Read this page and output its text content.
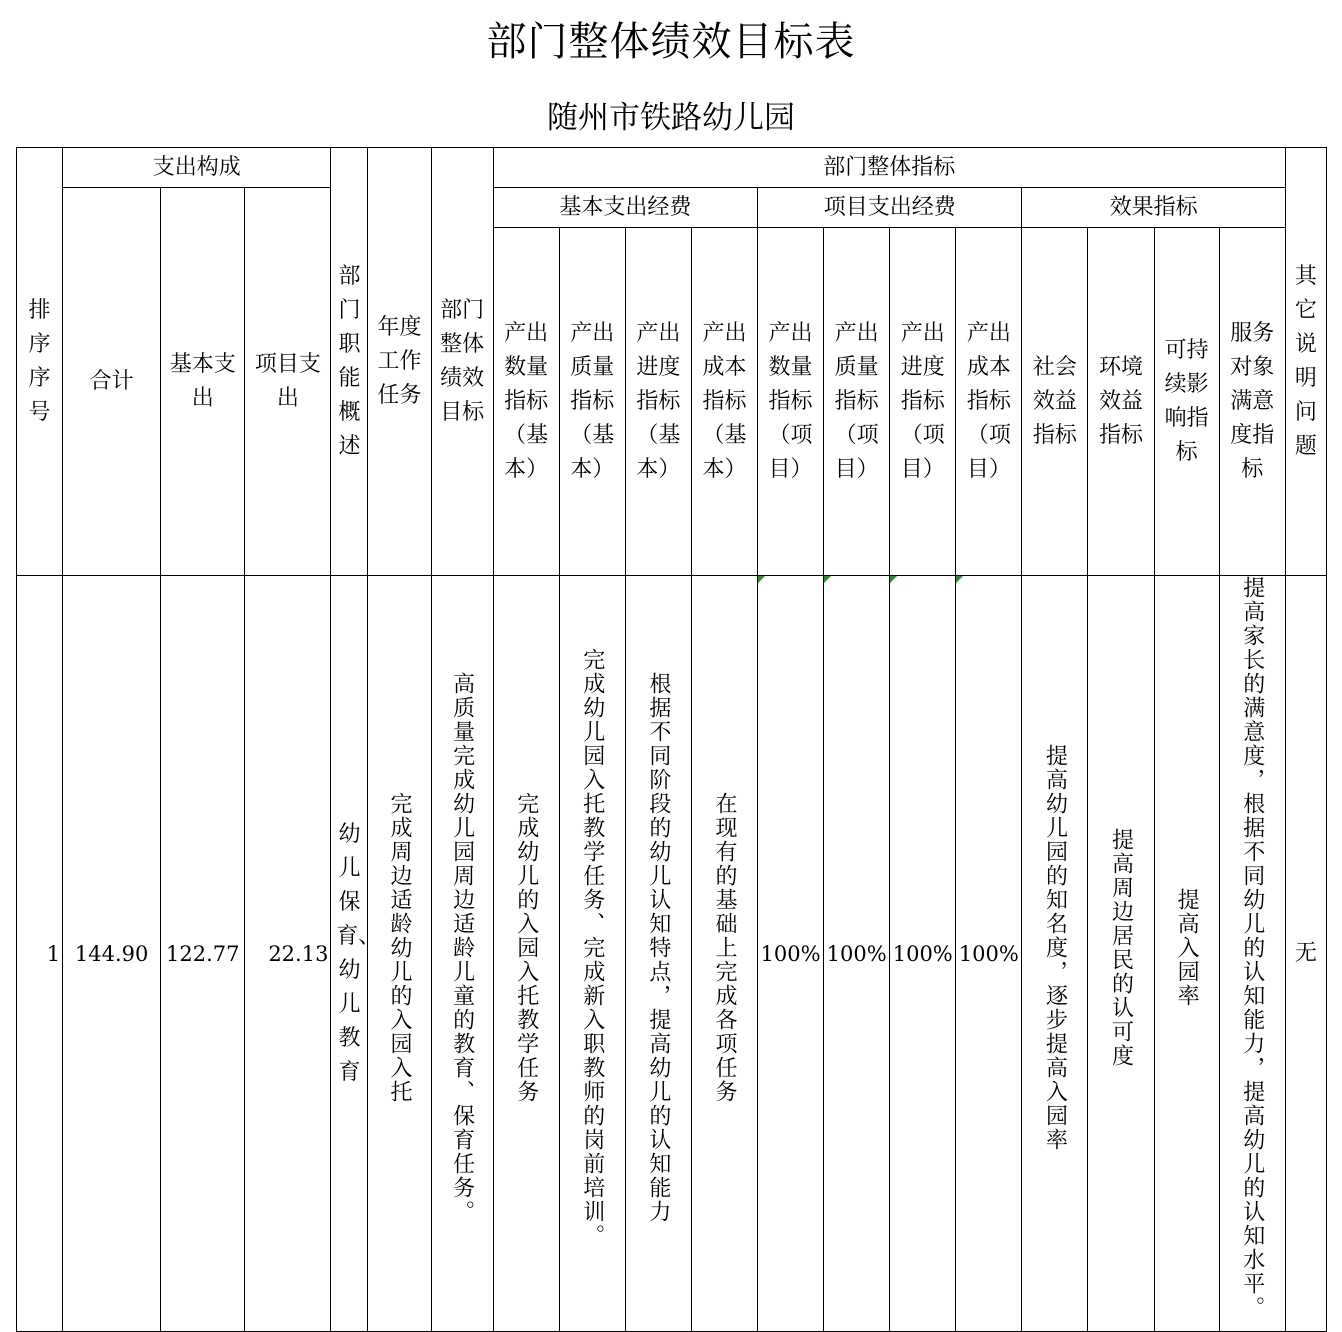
部门整体绩效目标表
随州市铁路幼儿园
排序序号	支出构成			部门职能概述	年度工作任务	部门整体绩效目标	部门整体指标												其它说明问题
	合计	基本支出	项目支出				基本支出经费				项目支出经费				效果指标				
							产出数量指标（基本）	产出质量指标（基本）	产出进度指标（基本）	产出成本指标（基本）	产出数量指标（项目）	产出质量指标（项目）	产出进度指标（项目）	产出成本指标（项目）	社会效益指标	环境效益指标	可持续影响指标	服务对象满意度指标	
1	144.90	122.77	22.13	幼儿保育、幼儿教育	完成周边适龄幼儿的入园入托	高质量完成幼儿园周边适龄儿童的教育、保育任务。	完成幼儿的入园入托教学任务	完成幼儿园入托教学任务、完成新入职教师的岗前培训。	根据不同阶段的幼儿认知特点，提高幼儿的认知能力	在现有的基础上完成各项任务	100%	100%	100%	100%	提高幼儿园的知名度，逐步提高入园率	提高周边居民的认可度	提高入园率	提高家长的满意度，根据不同幼儿的认知能力，提高幼儿的认知水平。	无
